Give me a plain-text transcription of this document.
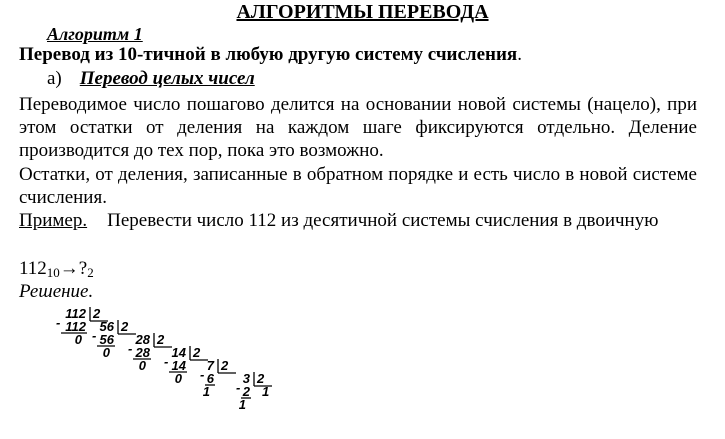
АЛГОРИТМЫ ПЕРЕВОДА
Алгоритм 1
Перевод из 10-тичной в любую другую систему счисления.
а) Перевод целых чисел
Переводимое число пошагово делится на основании новой системы (нацело), при этом остатки от деления на каждом шаге фиксируются отдельно. Деление производится до тех пор, пока это возможно.
Остатки, от деления, записанные в обратном порядке и есть число в новой системе счисления.
Пример. Перевести число 112 из десятичной системы счисления в двоичную
$112_{10}\to?_2$
Решение.
112 2
- 112
0
56 2
- 56
0
28 2
- 28
0
14 2
- 14
0
7 2
- 6
1
3 2
- 2
1
1
